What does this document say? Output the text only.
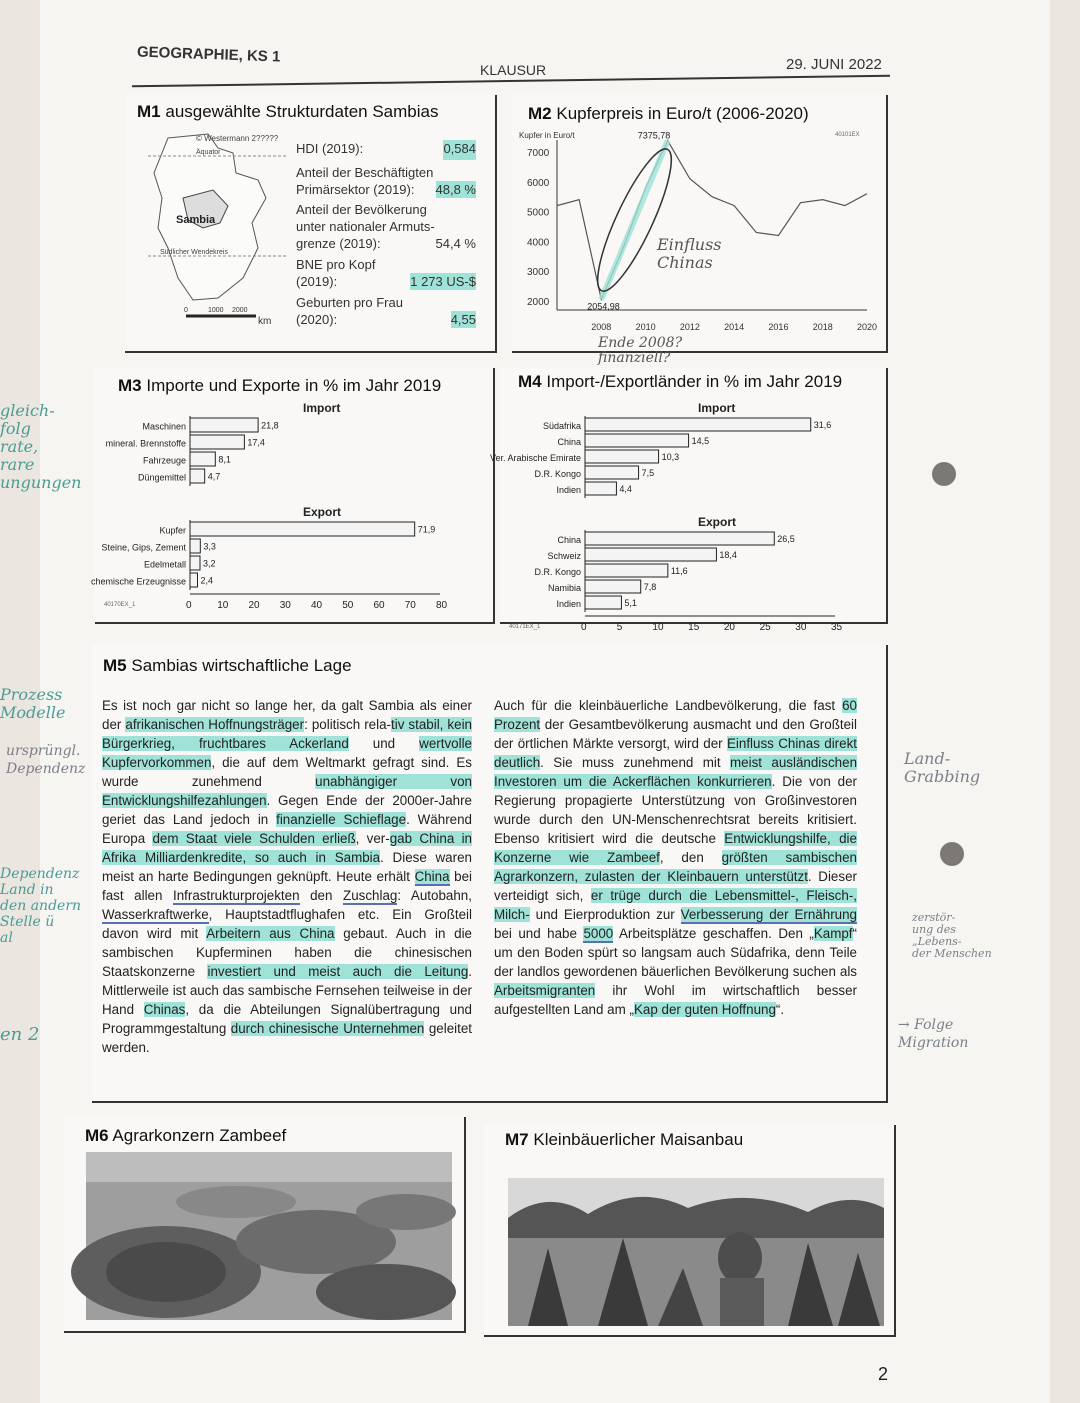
GEOGRAPHIE, KS 1
KLAUSUR	29. JUNI 2022
M1 ausgewählte Strukturdaten Sambias
© Westermann 2?????
Äquator
Sambia
Südlicher Wendekreis
0	1000 2000
km
HDI (2019):	0,584
Anteil der Beschäftigten
Primärsektor (2019):	48,8 %
Anteil der Bevölkerung
unter nationaler Armuts-
grenze (2019):	54,4 %
BNE pro Kopf
(2019):	1 273 US-$
Geburten pro Frau
(2020):	4,55
M2 Kupferpreis in Euro/t (2006-2020)
Kupfer in Euro/t	40101EX
2000
3000
4000
5000
6000
7000
2008	2010	2012	2014	2016	2018	2020
7375,78
2054,98
Einfluss
Chinas
Ende 2008?
finanziell?
M3 Importe und Exporte in % im Jahr 2019
Import
21,8
Maschinen
17,4
mineral. Brennstoffe
8,1
Fahrzeuge
4,7
Düngemittel
Export
71,9
Kupfer
3,3
Steine, Gips, Zement
3,2
Edelmetall
2,4
chemische Erzeugnisse
0	10 20 30 40 50 60 70 80
40170EX_1
M4 Import-/Exportländer in % im Jahr 2019
Import
31,6
Südafrika
14,5
China
10,3
Ver. Arabische Emirate
7,5
D.R. Kongo
4,4
Indien
Export
26,5
China
18,4
Schweiz
11,6
D.R. Kongo
7,8
Namibia
5,1
Indien
0	5	10 15 20 25 30 35
40171EX_1
M5 Sambias wirtschaftliche Lage
Es ist noch gar nicht so lange her, da galt Sambia als einer der afrikanischen Hoffnungsträger: politisch rela-tiv stabil, kein Bürgerkrieg, fruchtbares Ackerland und wertvolle Kupfervorkommen, die auf dem Weltmarkt gefragt sind. Es wurde zunehmend unabhängiger von Entwicklungshilfezahlungen. Gegen Ende der 2000er-Jahre geriet das Land jedoch in finanzielle Schieflage. Während Europa dem Staat viele Schulden erließ, ver-gab China in Afrika Milliardenkredite, so auch in Sambia. Diese waren meist an harte Bedingungen geknüpft. Heute erhält China bei fast allen Infrastrukturprojekten den Zuschlag: Autobahn, Wasserkraftwerke, Hauptstadtflughafen etc. Ein Großteil davon wird mit Arbeitern aus China gebaut. Auch in die sambischen Kupferminen haben die chinesischen Staatskonzerne investiert und meist auch die Leitung. Mittlerweile ist auch das sambische Fernsehen teilweise in der Hand Chinas, da die Abteilungen Signalübertragung und Programmgestaltung durch chinesische Unternehmen geleitet werden.
Auch für die kleinbäuerliche Landbevölkerung, die fast 60 Prozent der Gesamtbevölkerung ausmacht und den Großteil der örtlichen Märkte versorgt, wird der Einfluss Chinas direkt deutlich. Sie muss zunehmend mit meist ausländischen Investoren um die Ackerflächen konkurrieren. Die von der Regierung propagierte Unterstützung von Großinvestoren wurde durch den UN-Menschenrechtsrat bereits kritisiert. Ebenso kritisiert wird die deutsche Entwicklungshilfe, die Konzerne wie Zambeef, den größten sambischen Agrarkonzern, zulasten der Kleinbauern unterstützt. Dieser verteidigt sich, er trüge durch die Lebensmittel-, Fleisch-, Milch- und Eierproduktion zur Verbesserung der Ernährung bei und habe 5000 Arbeitsplätze geschaffen. Den „Kampf“ um den Boden spürt so langsam auch Südafrika, denn Teile der landlos gewordenen bäuerlichen Bevölkerung suchen als Arbeitsmigranten ihr Wohl im wirtschaftlich besser aufgestellten Land am „Kap der guten Hoffnung“.
M6 Agrarkonzern Zambeef	M7 Kleinbäuerlicher Maisanbau
gleich-
folg
rate,
rare
ungungen
Prozess
Modelle
ursprüngl.
Dependenz
Dependenz
Land in
den andern
Stelle ü
al
en 2
Land-
Grabbing
zerstör-
ung des
„Lebens-
der Menschen
→ Folge
Migration
2
